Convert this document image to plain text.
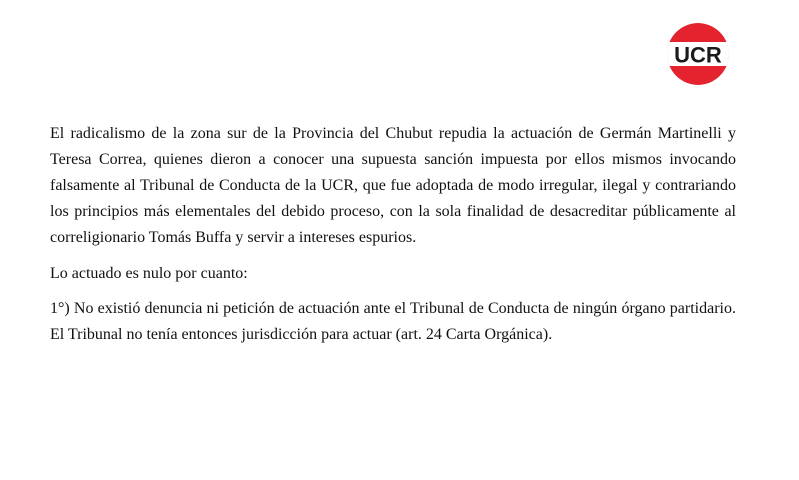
UCR

El radicalismo de la zona sur de la Provincia del Chubut repudia la actuación de Germán Martinelli y Teresa Correa, quienes dieron a conocer una supuesta sanción impuesta por ellos mismos invocando falsamente al Tribunal de Conducta de la UCR, que fue adoptada de modo irregular, ilegal y contrariando los principios más elementales del debido proceso, con la sola finalidad de desacreditar públicamente al correligionario Tomás Buffa y servir a intereses espurios.

Lo actuado es nulo por cuanto:

1°) No existió denuncia ni petición de actuación ante el Tribunal de Conducta de ningún órgano partidario. El Tribunal no tenía entonces jurisdicción para actuar (art. 24 Carta Orgánica).
